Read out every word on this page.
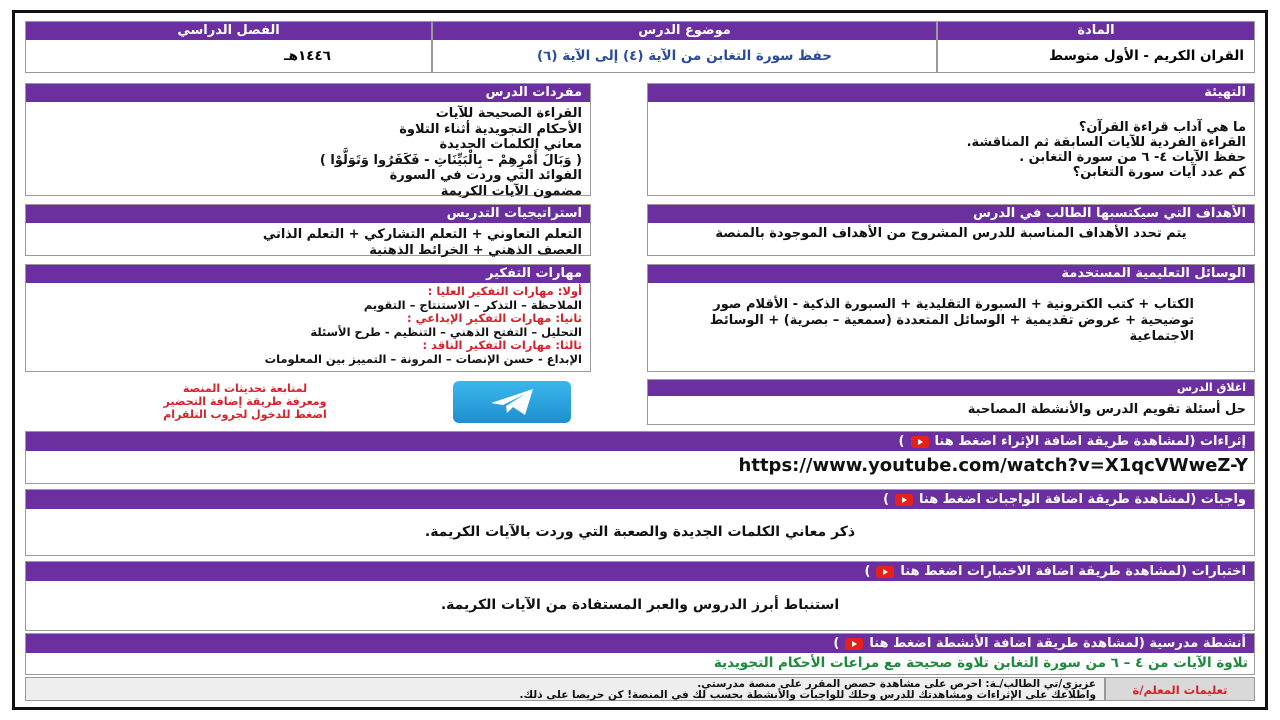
المادة
القران الكريم - الأول متوسط
موضوع الدرس
حفظ سورة التغابن من الآية (٤) إلى الآية (٦)
الفصل الدراسي
١٤٤٦هـ
التهيئة
ما هي آداب قراءة القرآن؟
القراءة الفردية للآيات السابقة ثم المناقشة.
حفظ الآيات ٤- ٦ من سورة التغابن .
كم عدد آيات سورة التغابن؟
مفردات الدرس
القراءة الصحيحة للآيات
الأحكام التجويدية أثناء التلاوة
معاني الكلمات الجديدة
( وَبَالَ أَمْرِهِمْ – بِالْبَيِّنَاتِ - فَكَفَرُوا وَتَوَلَّوْا )
الفوائد التي وردت في السورة
مضمون الآيات الكريمة
الأهداف التي سيكتسبها الطالب في الدرس
يتم تحدد الأهداف المناسبة للدرس المشروح من الأهداف الموجودة بالمنصة
استراتيجيات التدريس
التعلم التعاوني + التعلم التشاركي + التعلم الذاتي
العصف الذهني + الخرائط الذهنية
الوسائل التعليمية المستخدمة
الكتاب + كتب الكترونية + السبورة التقليدية + السبورة الذكية - الأقلام صور توضيحية + عروض تقديمية + الوسائل المتعددة (سمعية – بصرية) + الوسائط الاجتماعية
مهارات التفكير
أولا: مهارات التفكير العليا :
الملاحظة – التذكر – الاستنتاج – التقويم
ثانيا: مهارات التفكير الإبداعي :
التحليل – التفتح الذهني – التنظيم - طرح الأسئلة
ثالثا: مهارات التفكير الناقد :
الإبداع - حسن الإنصات – المرونة – التمييز بين المعلومات
اغلاق الدرس
حل أسئلة تقويم الدرس والأنشطة المصاحبة
لمتابعة تحديثات المنصة
ومعرفة طريقة إضافة التحضير
اضغط للدخول لجروب التلقرام
إثراءات (لمشاهدة طريقة اضافة الإثراء اضغط هنا)
https://www.youtube.com/watch?v=X1qcVWweZ-Y
واجبات (لمشاهدة طريقة اضافة الواجبات اضغط هنا)
ذكر معاني الكلمات الجديدة والصعبة التي وردت بالآيات الكريمة.
اختبارات (لمشاهدة طريقة اضافة الاختبارات اضغط هنا)
استنباط أبرز الدروس والعبر المستفادة من الآيات الكريمة.
أنشطة مدرسية (لمشاهدة طريقة اضافة الأنشطة اضغط هنا)
تلاوة الآيات من ٤ – ٦ من سورة التغابن تلاوة صحيحة مع مراعات الأحكام التجويدية
تعليمات المعلم/ة
عزيزي/تي الطالب/ـة: احرص على مشاهدة حصص المقرر على منصة مدرستي.
واطلاعك على الإثراءات ومشاهدتك للدرس وحلك للواجبات والأنشطة بحسب لك في المنصة! كن حريصا على ذلك.
